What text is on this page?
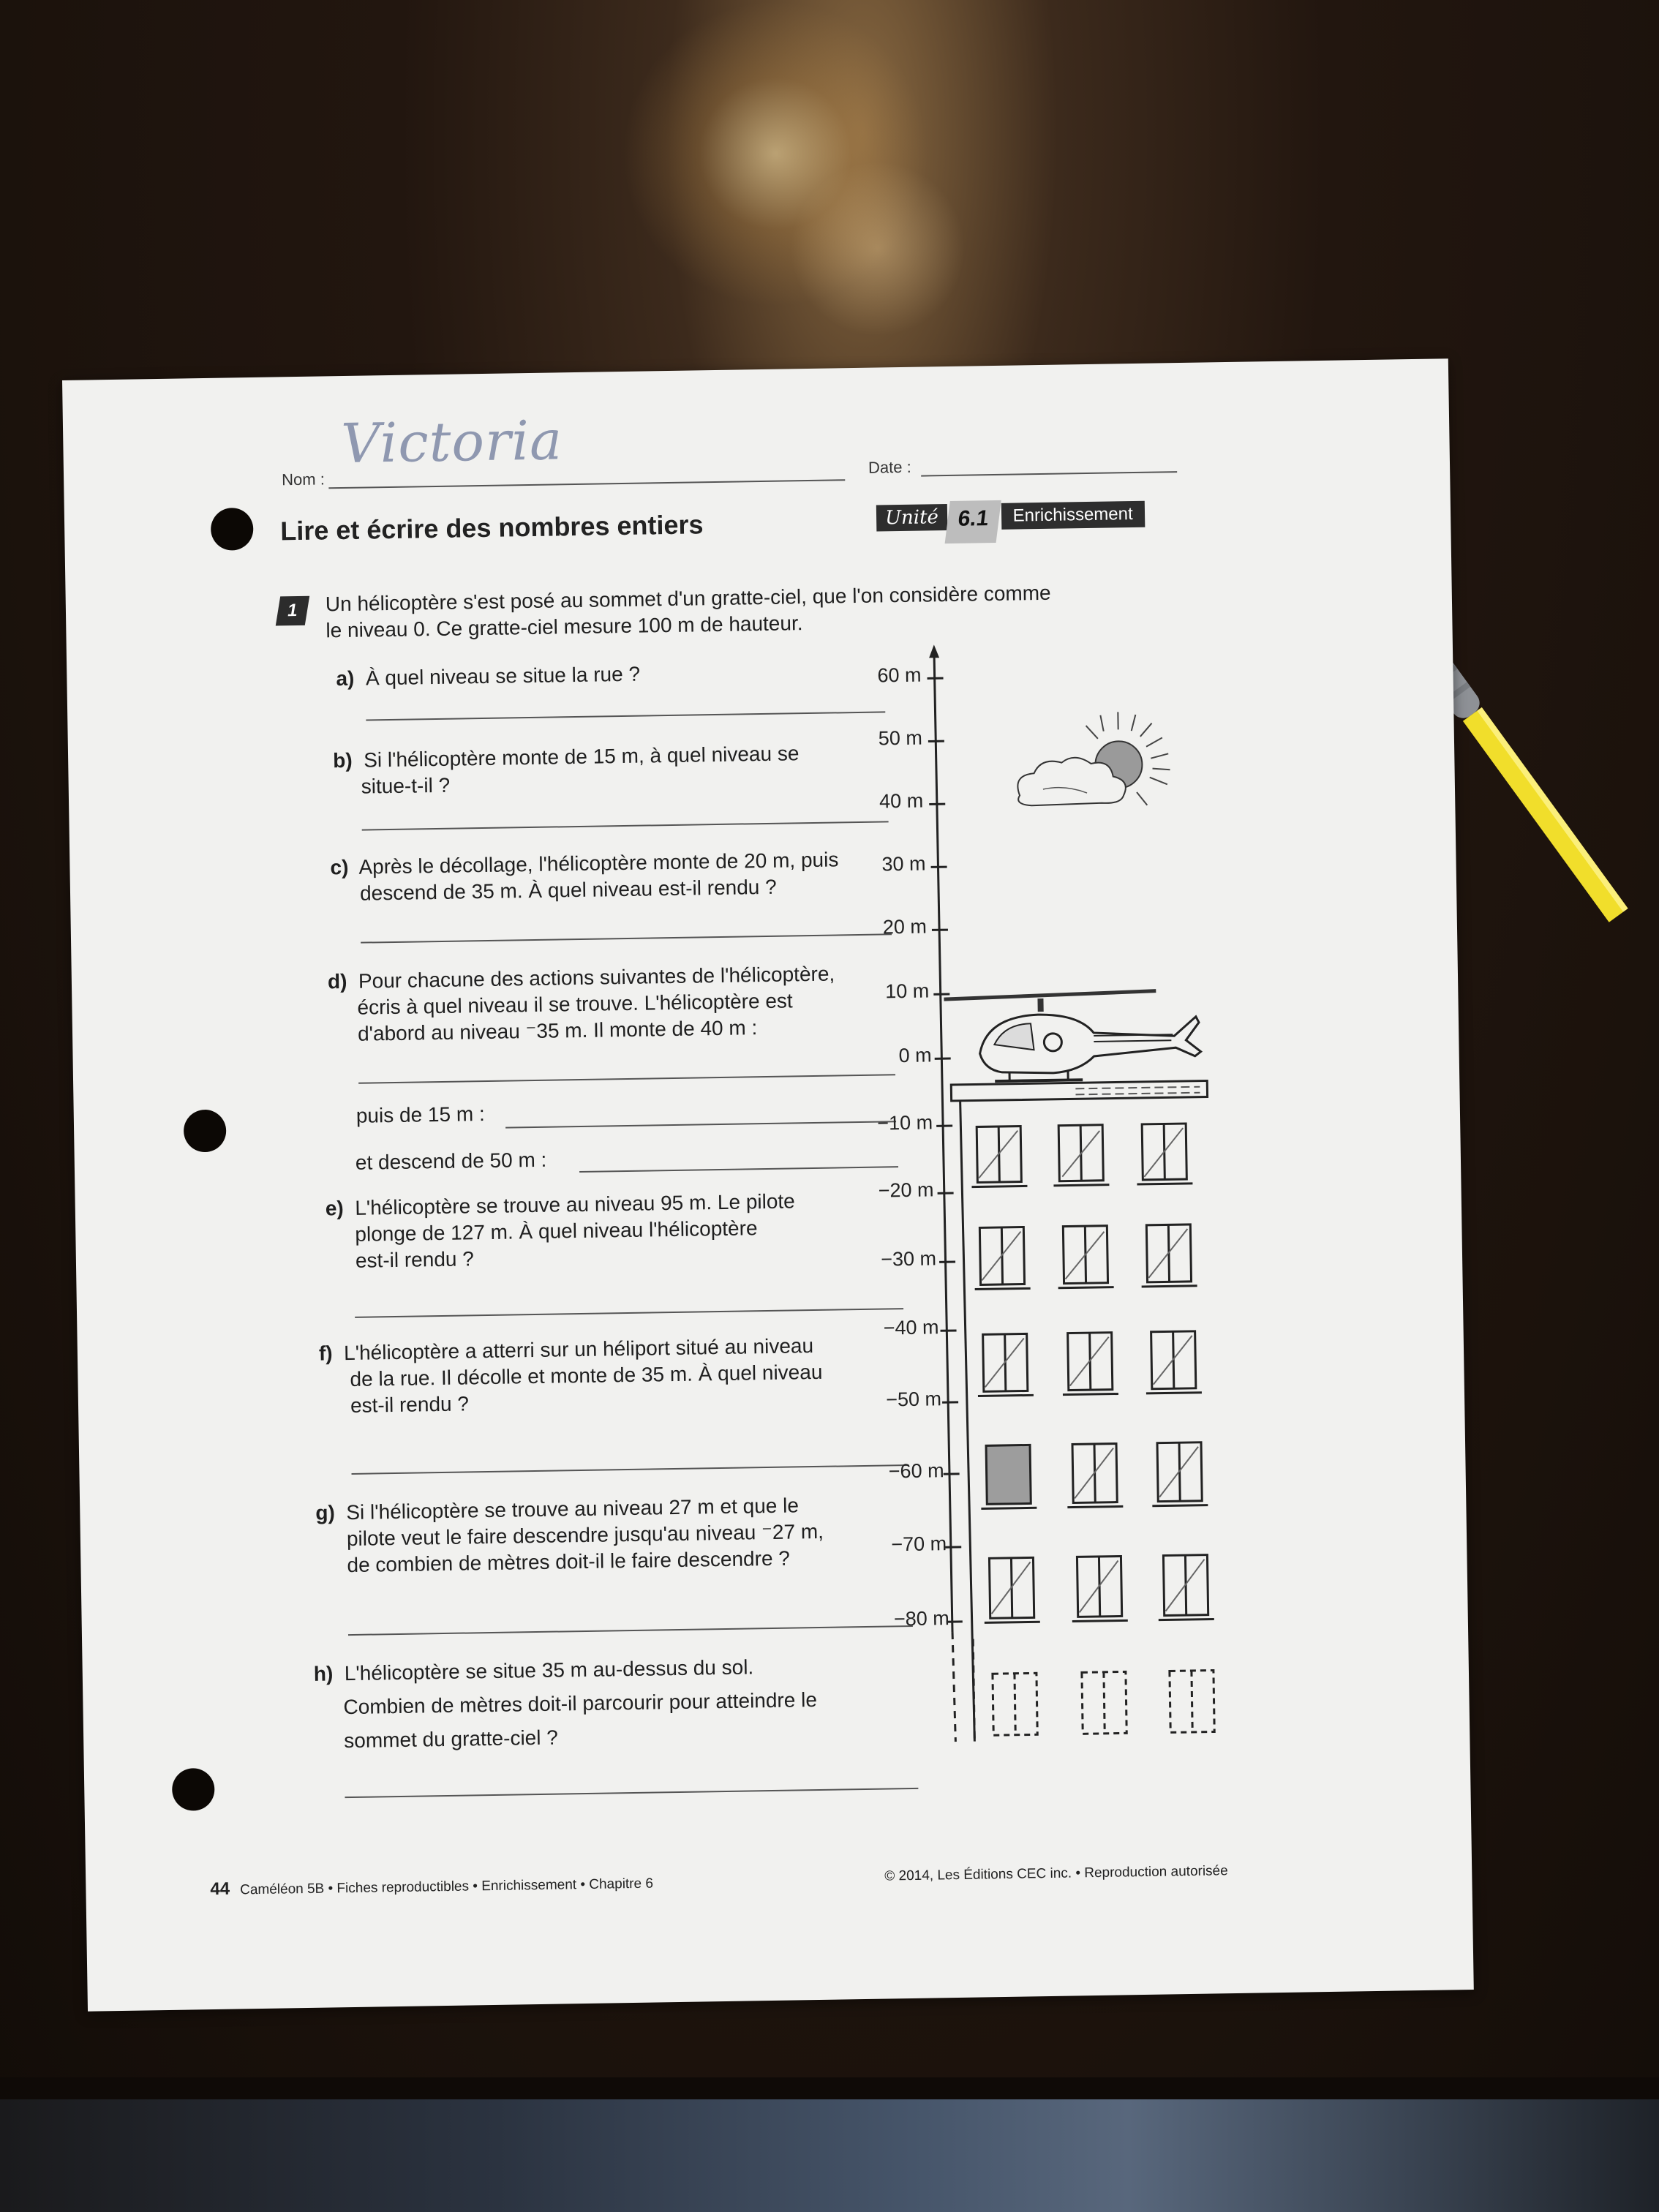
Nom :
Victoria	Date :
Lire et écrire des nombres entiers	Unité 6.1	Enrichissement
1	Un hélicoptère s'est posé au sommet d'un gratte-ciel, que l'on considère comme
le niveau 0. Ce gratte-ciel mesure 100 m de hauteur.
a) À quel niveau se situe la rue ?
b) Si l'hélicoptère monte de 15 m, à quel niveau se
situe-t-il ?
c) Après le décollage, l'hélicoptère monte de 20 m, puis
descend de 35 m. À quel niveau est-il rendu ?
d) Pour chacune des actions suivantes de l'hélicoptère,
écris à quel niveau il se trouve. L'hélicoptère est
d'abord au niveau ⁻35 m. Il monte de 40 m :
puis de 15 m :
et descend de 50 m :
e) L'hélicoptère se trouve au niveau 95 m. Le pilote
plonge de 127 m. À quel niveau l'hélicoptère
est-il rendu ?
f) L'hélicoptère a atterri sur un héliport situé au niveau
de la rue. Il décolle et monte de 35 m. À quel niveau
est-il rendu ?
g) Si l'hélicoptère se trouve au niveau 27 m et que le
pilote veut le faire descendre jusqu'au niveau ⁻27 m,
de combien de mètres doit-il le faire descendre ?
h) L'hélicoptère se situe 35 m au-dessus du sol.
Combien de mètres doit-il parcourir pour atteindre le
sommet du gratte-ciel ?
60 m
50 m
40 m
30 m
20 m
10 m
0 m
−10 m
−20 m
−30 m
−40 m
−50 m
−60 m
−70 m
−80 m
44 Caméléon 5B • Fiches reproductibles • Enrichissement • Chapitre 6
© 2014, Les Éditions CEC inc. • Reproduction autorisée
